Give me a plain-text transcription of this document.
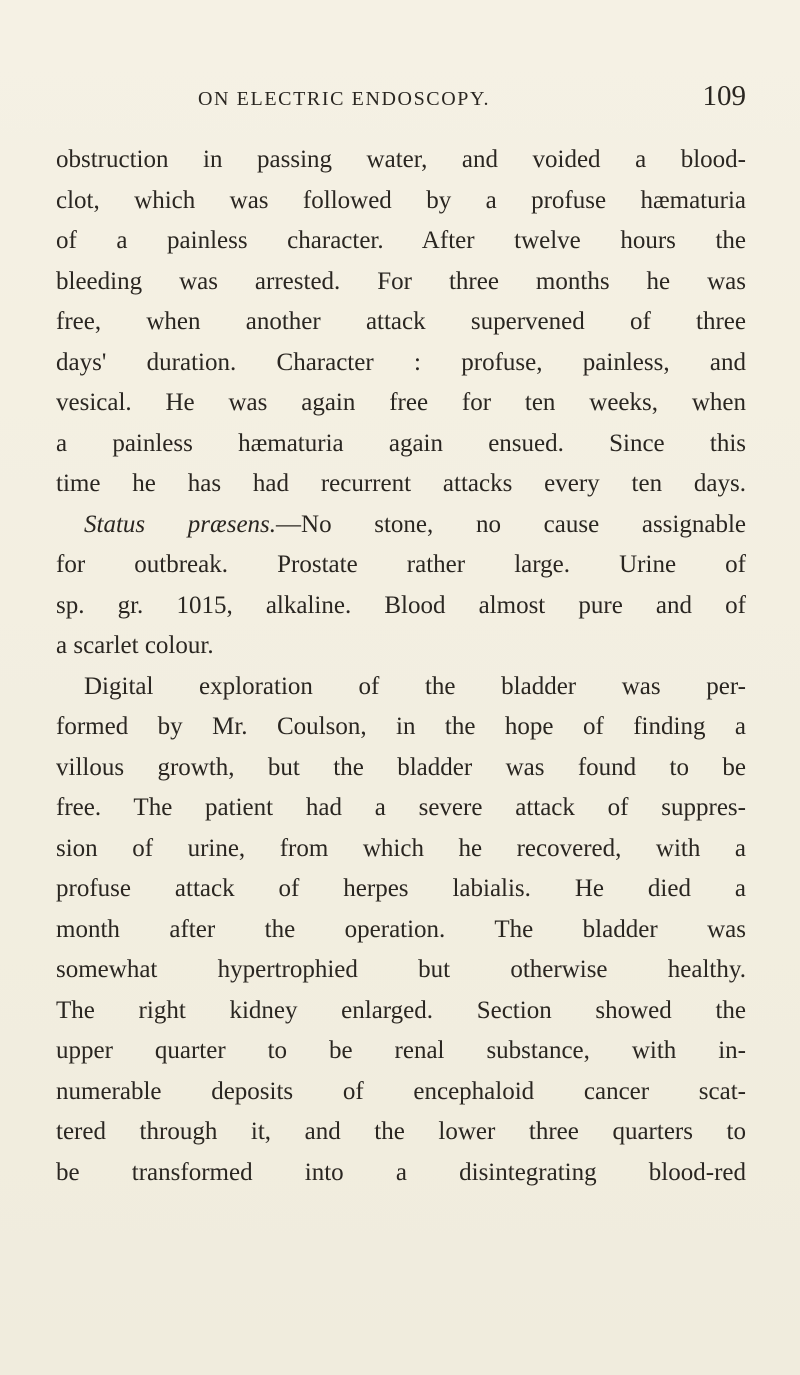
ON ELECTRIC ENDOSCOPY.	109
obstruction in passing water, and voided a blood-
clot, which was followed by a profuse hæmaturia
of a painless character. After twelve hours the
bleeding was arrested. For three months he was
free, when another attack supervened of three
days' duration. Character : profuse, painless, and
vesical. He was again free for ten weeks, when
a painless hæmaturia again ensued. Since this
time he has had recurrent attacks every ten days.
Status præsens.—No stone, no cause assignable
for outbreak. Prostate rather large. Urine of
sp. gr. 1015, alkaline. Blood almost pure and of
a scarlet colour.
Digital exploration of the bladder was per-
formed by Mr. Coulson, in the hope of finding a
villous growth, but the bladder was found to be
free. The patient had a severe attack of suppres-
sion of urine, from which he recovered, with a
profuse attack of herpes labialis. He died a
month after the operation. The bladder was
somewhat hypertrophied but otherwise healthy.
The right kidney enlarged. Section showed the
upper quarter to be renal substance, with in-
numerable deposits of encephaloid cancer scat-
tered through it, and the lower three quarters to
be transformed into a disintegrating blood-red
